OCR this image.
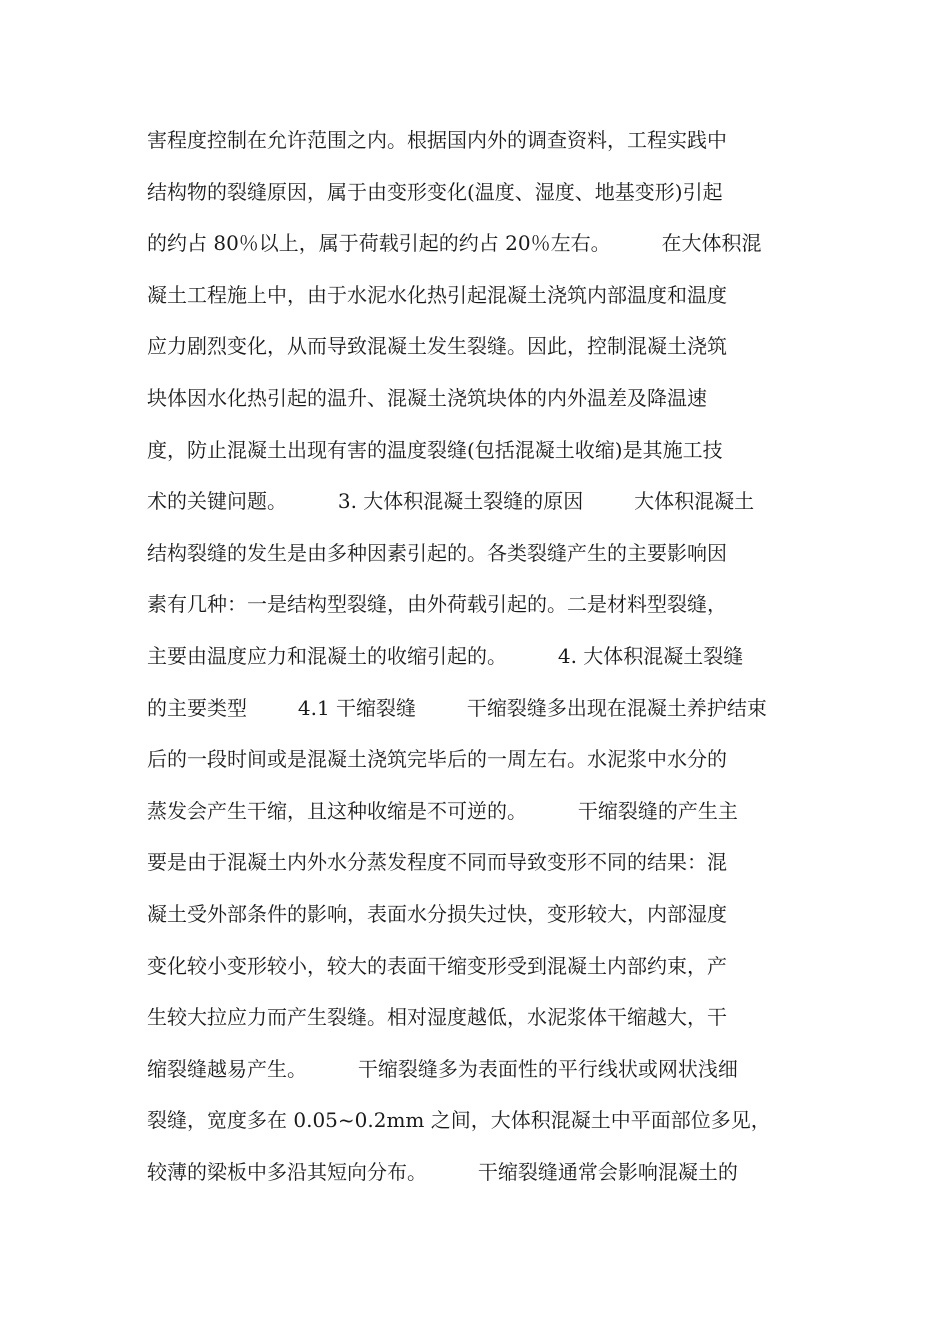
害程度控制在允许范围之内。根据国内外的调查资料，工程实践中
结构物的裂缝原因，属于由变形变化(温度、湿度、地基变形)引起
的约占 80％以上，属于荷载引起的约占 20％左右。        在大体积混
凝土工程施上中，由于水泥水化热引起混凝土浇筑内部温度和温度
应力剧烈变化，从而导致混凝土发生裂缝。因此，控制混凝土浇筑
块体因水化热引起的温升、混凝土浇筑块体的内外温差及降温速
度，防止混凝土出现有害的温度裂缝(包括混凝土收缩)是其施工技
术的关键问题。        3. 大体积混凝土裂缝的原因        大体积混凝土
结构裂缝的发生是由多种因素引起的。各类裂缝产生的主要影响因
素有几种：一是结构型裂缝，由外荷载引起的。二是材料型裂缝，
主要由温度应力和混凝土的收缩引起的。        4. 大体积混凝土裂缝
的主要类型        4.1 干缩裂缝        干缩裂缝多出现在混凝土养护结束
后的一段时间或是混凝土浇筑完毕后的一周左右。水泥浆中水分的
蒸发会产生干缩，且这种收缩是不可逆的。        干缩裂缝的产生主
要是由于混凝土内外水分蒸发程度不同而导致变形不同的结果：混
凝土受外部条件的影响，表面水分损失过快，变形较大，内部湿度
变化较小变形较小，较大的表面干缩变形受到混凝土内部约束，产
生较大拉应力而产生裂缝。相对湿度越低，水泥浆体干缩越大，干
缩裂缝越易产生。        干缩裂缝多为表面性的平行线状或网状浅细
裂缝，宽度多在 0.05~0.2mm 之间，大体积混凝土中平面部位多见，
较薄的梁板中多沿其短向分布。        干缩裂缝通常会影响混凝土的
